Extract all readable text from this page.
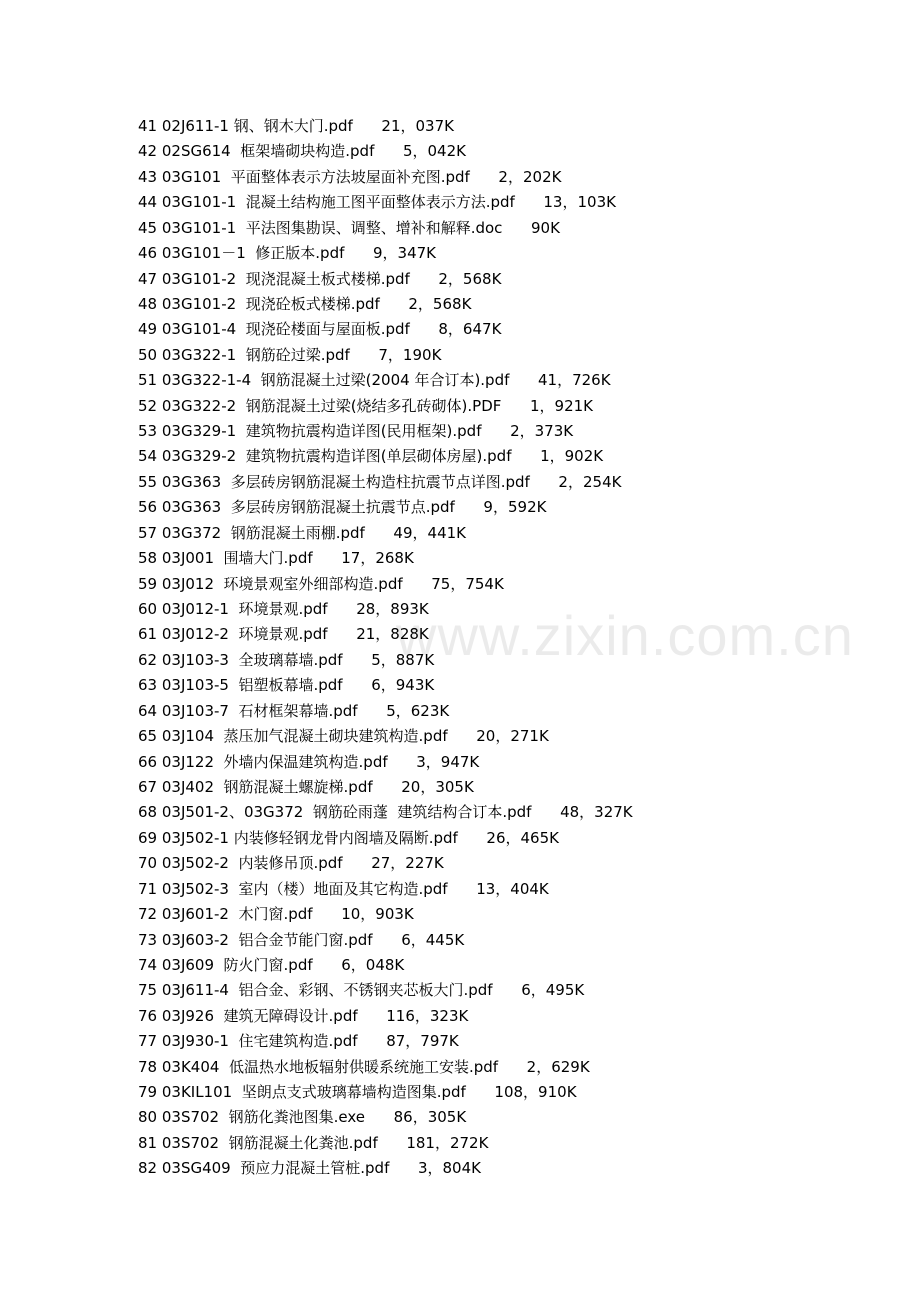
www.zixin.com.cn
41 02J611-1 钢、钢木大门.pdf      21，037K
42 02SG614  框架墙砌块构造.pdf      5，042K
43 03G101  平面整体表示方法坡屋面补充图.pdf      2，202K
44 03G101-1  混凝土结构施工图平面整体表示方法.pdf      13，103K
45 03G101-1  平法图集勘误、调整、增补和解释.doc      90K
46 03G101－1  修正版本.pdf      9，347K
47 03G101-2  现浇混凝土板式楼梯.pdf      2，568K
48 03G101-2  现浇砼板式楼梯.pdf      2，568K
49 03G101-4  现浇砼楼面与屋面板.pdf      8，647K
50 03G322-1  钢筋砼过梁.pdf      7，190K
51 03G322-1-4  钢筋混凝土过梁(2004 年合订本).pdf      41，726K
52 03G322-2  钢筋混凝土过梁(烧结多孔砖砌体).PDF      1，921K
53 03G329-1  建筑物抗震构造详图(民用框架).pdf      2，373K
54 03G329-2  建筑物抗震构造详图(单层砌体房屋).pdf      1，902K
55 03G363  多层砖房钢筋混凝土构造柱抗震节点详图.pdf      2，254K
56 03G363  多层砖房钢筋混凝土抗震节点.pdf      9，592K
57 03G372  钢筋混凝土雨棚.pdf      49，441K
58 03J001  围墙大门.pdf      17，268K
59 03J012  环境景观室外细部构造.pdf      75，754K
60 03J012-1  环境景观.pdf      28，893K
61 03J012-2  环境景观.pdf      21，828K
62 03J103-3  全玻璃幕墙.pdf      5，887K
63 03J103-5  铝塑板幕墙.pdf      6，943K
64 03J103-7  石材框架幕墙.pdf      5，623K
65 03J104  蒸压加气混凝土砌块建筑构造.pdf      20，271K
66 03J122  外墙内保温建筑构造.pdf      3，947K
67 03J402  钢筋混凝土螺旋梯.pdf      20，305K
68 03J501-2、03G372  钢筋砼雨蓬  建筑结构合订本.pdf      48，327K
69 03J502-1 内装修轻钢龙骨内阁墙及隔断.pdf      26，465K
70 03J502-2  内装修吊顶.pdf      27，227K
71 03J502-3  室内（楼）地面及其它构造.pdf      13，404K
72 03J601-2  木门窗.pdf      10，903K
73 03J603-2  铝合金节能门窗.pdf      6，445K
74 03J609  防火门窗.pdf      6，048K
75 03J611-4  铝合金、彩钢、不锈钢夹芯板大门.pdf      6，495K
76 03J926  建筑无障碍设计.pdf      116，323K
77 03J930-1  住宅建筑构造.pdf      87，797K
78 03K404  低温热水地板辐射供暖系统施工安装.pdf      2，629K
79 03KIL101  坚朗点支式玻璃幕墙构造图集.pdf      108，910K
80 03S702  钢筋化粪池图集.exe      86，305K
81 03S702  钢筋混凝土化粪池.pdf      181，272K
82 03SG409  预应力混凝土管桩.pdf      3，804K
